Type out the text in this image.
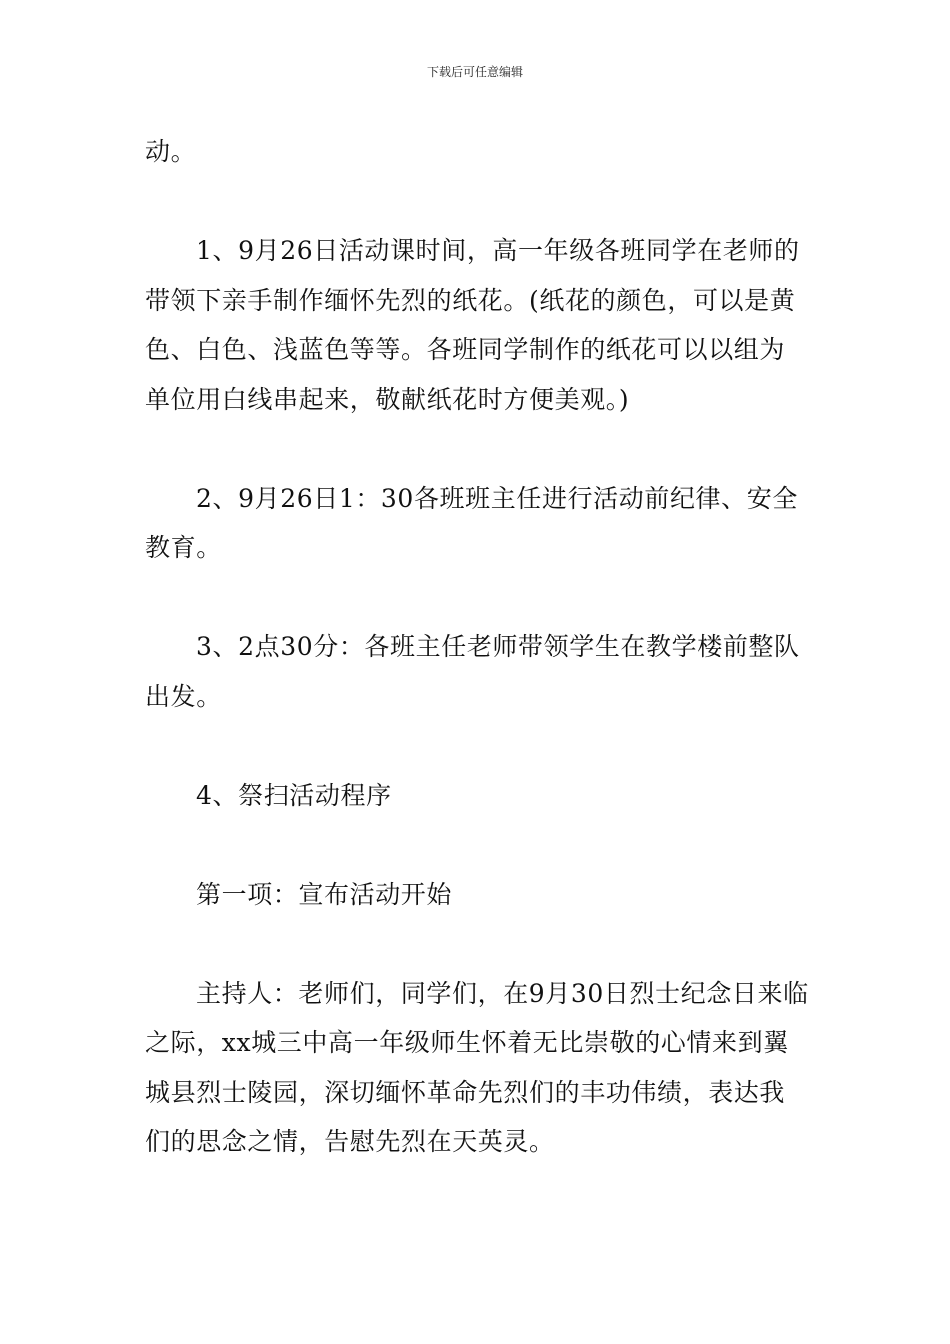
下载后可任意编辑

动。

1、9月26日活动课时间，高一年级各班同学在老师的带领下亲手制作缅怀先烈的纸花。(纸花的颜色，可以是黄色、白色、浅蓝色等等。各班同学制作的纸花可以以组为单位用白线串起来，敬献纸花时方便美观。)

2、9月26日1：30各班班主任进行活动前纪律、安全教育。

3、2点30分：各班主任老师带领学生在教学楼前整队出发。

4、祭扫活动程序

第一项：宣布活动开始

主持人：老师们，同学们，在9月30日烈士纪念日来临之际，xx城三中高一年级师生怀着无比崇敬的心情来到翼城县烈士陵园，深切缅怀革命先烈们的丰功伟绩，表达我们的思念之情，告慰先烈在天英灵。
